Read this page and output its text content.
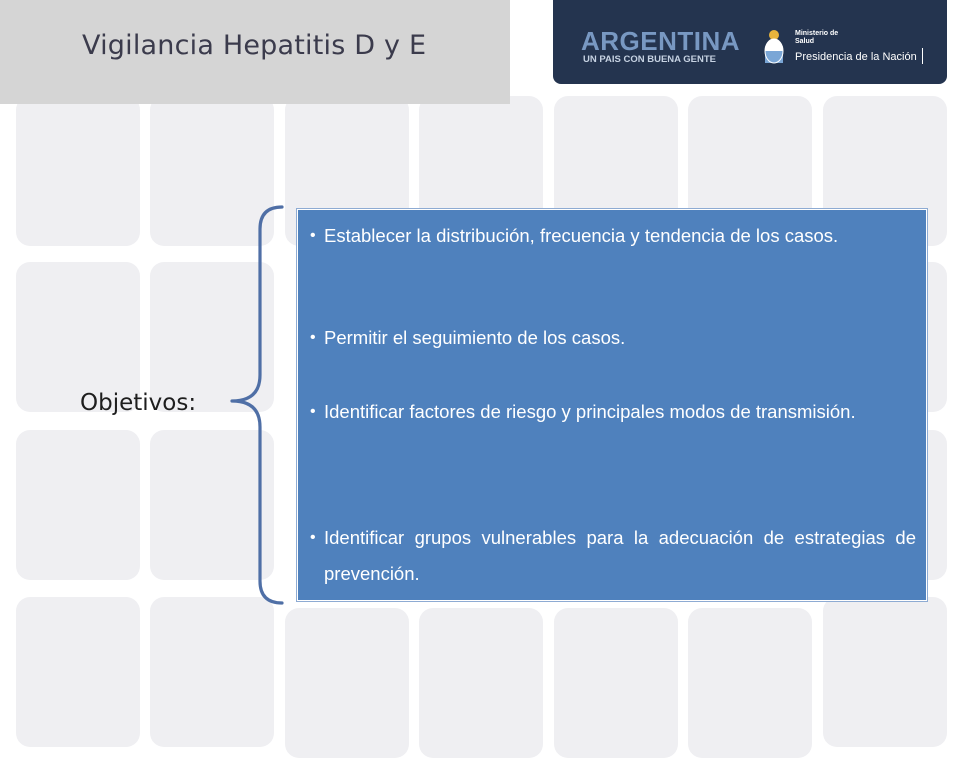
Vigilancia Hepatitis D y E	ARGENTINA
UN PAIS CON BUENA GENTE
Ministerio de
Salud
Presidencia de la Nación
Objetivos:
• Establecer la distribución, frecuencia y tendencia de los casos.
• Permitir el seguimiento de los casos.
• Identificar factores de riesgo y principales modos de transmisión.
• Identificar grupos vulnerables para la adecuación de estrategias de prevención.
